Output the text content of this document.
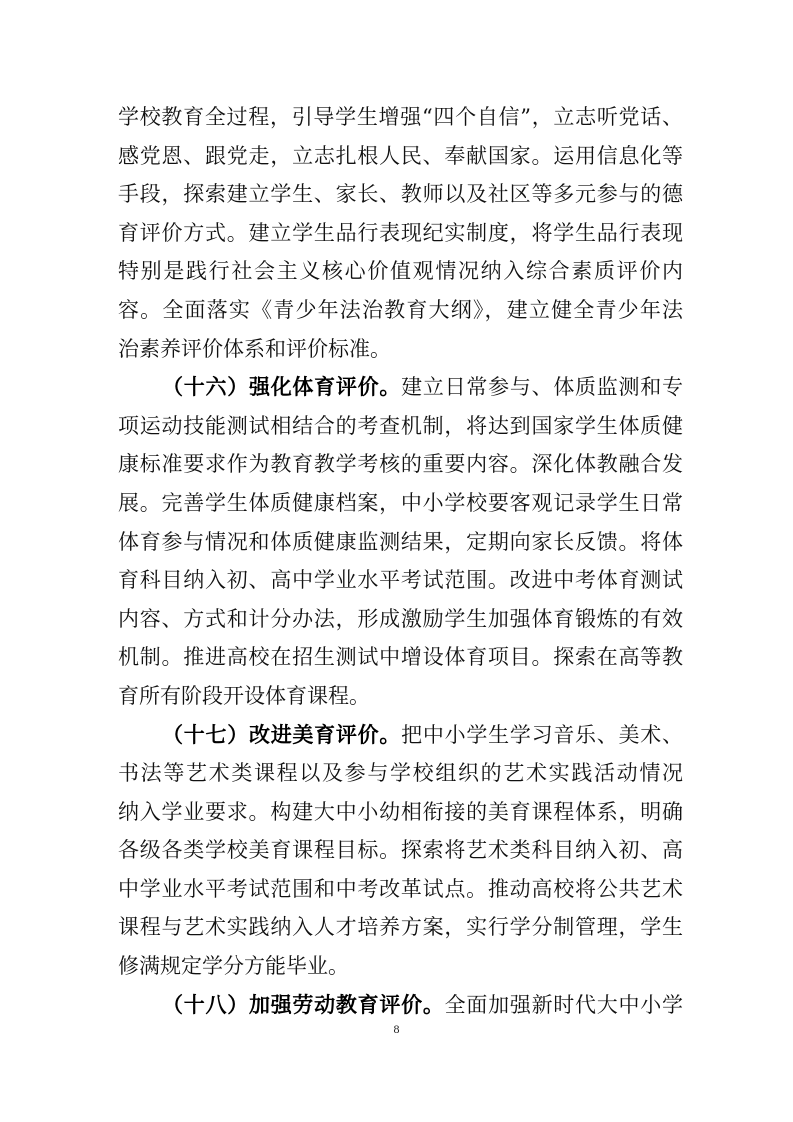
学校教育全过程，引导学生增强“四个自信”，立志听党话、
感党恩、跟党走，立志扎根人民、奉献国家。运用信息化等
手段，探索建立学生、家长、教师以及社区等多元参与的德
育评价方式。建立学生品行表现纪实制度，将学生品行表现
特别是践行社会主义核心价值观情况纳入综合素质评价内
容。全面落实《青少年法治教育大纲》，建立健全青少年法
治素养评价体系和评价标准。
（十六）强化体育评价。建立日常参与、体质监测和专
项运动技能测试相结合的考查机制，将达到国家学生体质健
康标准要求作为教育教学考核的重要内容。深化体教融合发
展。完善学生体质健康档案，中小学校要客观记录学生日常
体育参与情况和体质健康监测结果，定期向家长反馈。将体
育科目纳入初、高中学业水平考试范围。改进中考体育测试
内容、方式和计分办法，形成激励学生加强体育锻炼的有效
机制。推进高校在招生测试中增设体育项目。探索在高等教
育所有阶段开设体育课程。
（十七）改进美育评价。把中小学生学习音乐、美术、
书法等艺术类课程以及参与学校组织的艺术实践活动情况
纳入学业要求。构建大中小幼相衔接的美育课程体系，明确
各级各类学校美育课程目标。探索将艺术类科目纳入初、高
中学业水平考试范围和中考改革试点。推动高校将公共艺术
课程与艺术实践纳入人才培养方案，实行学分制管理，学生
修满规定学分方能毕业。
（十八）加强劳动教育评价。全面加强新时代大中小学
8
